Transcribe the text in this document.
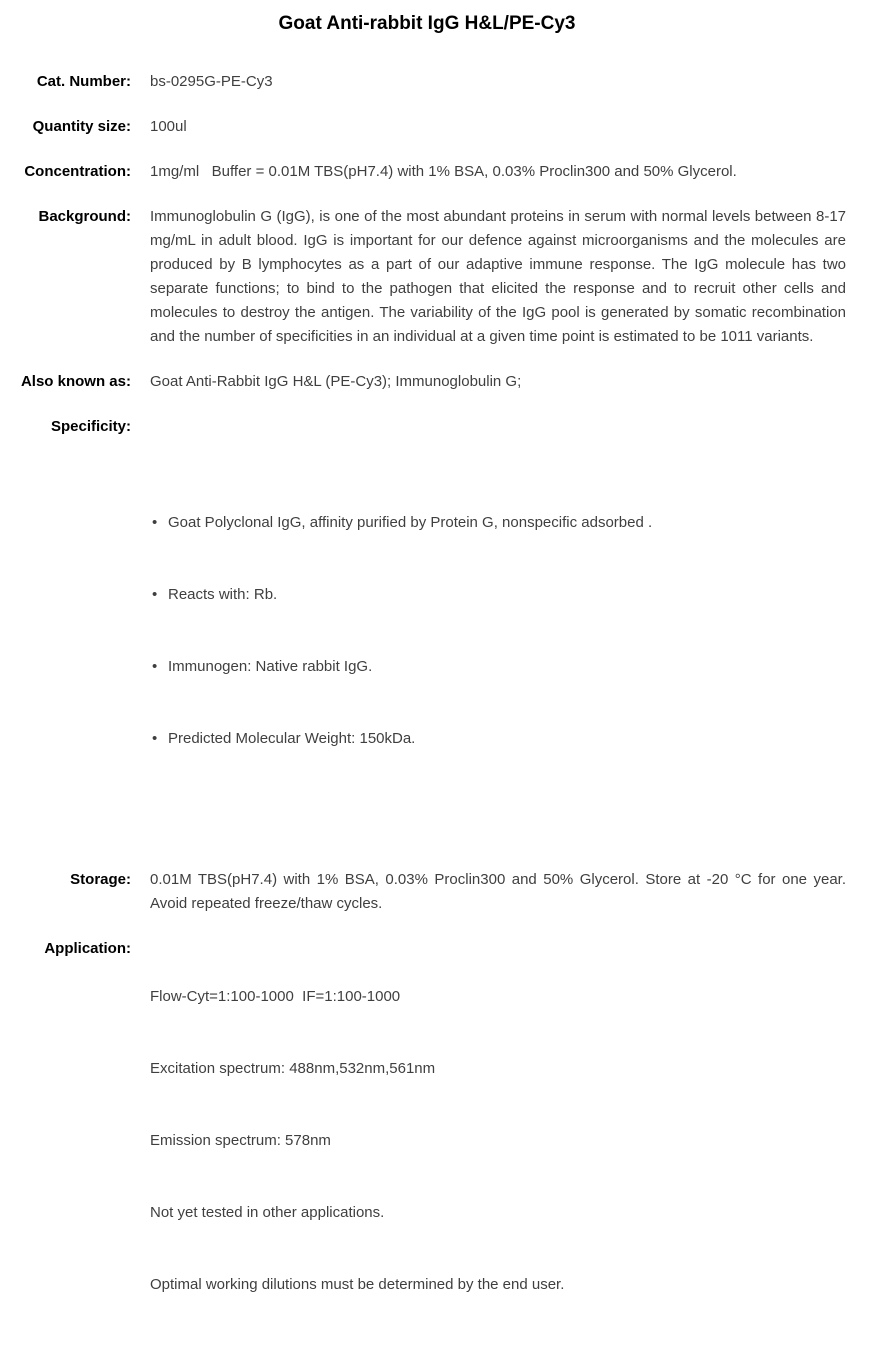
Goat Anti-rabbit IgG H&L/PE-Cy3
Cat. Number: bs-0295G-PE-Cy3
Quantity size: 100ul
Concentration: 1mg/ml   Buffer = 0.01M TBS(pH7.4) with 1% BSA, 0.03% Proclin300 and 50% Glycerol.
Background: Immunoglobulin G (IgG), is one of the most abundant proteins in serum with normal levels between 8-17 mg/mL in adult blood. IgG is important for our defence against microorganisms and the molecules are produced by B lymphocytes as a part of our adaptive immune response. The IgG molecule has two separate functions; to bind to the pathogen that elicited the response and to recruit other cells and molecules to destroy the antigen. The variability of the IgG pool is generated by somatic recombination and the number of specificities in an individual at a given time point is estimated to be 1011 variants.
Also known as: Goat Anti-Rabbit IgG H&L (PE-Cy3); Immunoglobulin G;
Specificity:

• Goat Polyclonal IgG, affinity purified by Protein G, nonspecific adsorbed .

• Reacts with: Rb.

• Immunogen: Native rabbit IgG.

• Predicted Molecular Weight: 150kDa.

Storage: 0.01M TBS(pH7.4) with 1% BSA, 0.03% Proclin300 and 50% Glycerol. Store at -20 °C for one year. Avoid repeated freeze/thaw cycles.
Application:

Flow-Cyt=1:100-1000  IF=1:100-1000

Excitation spectrum: 488nm,532nm,561nm

Emission spectrum: 578nm

Not yet tested in other applications.

Optimal working dilutions must be determined by the end user.
